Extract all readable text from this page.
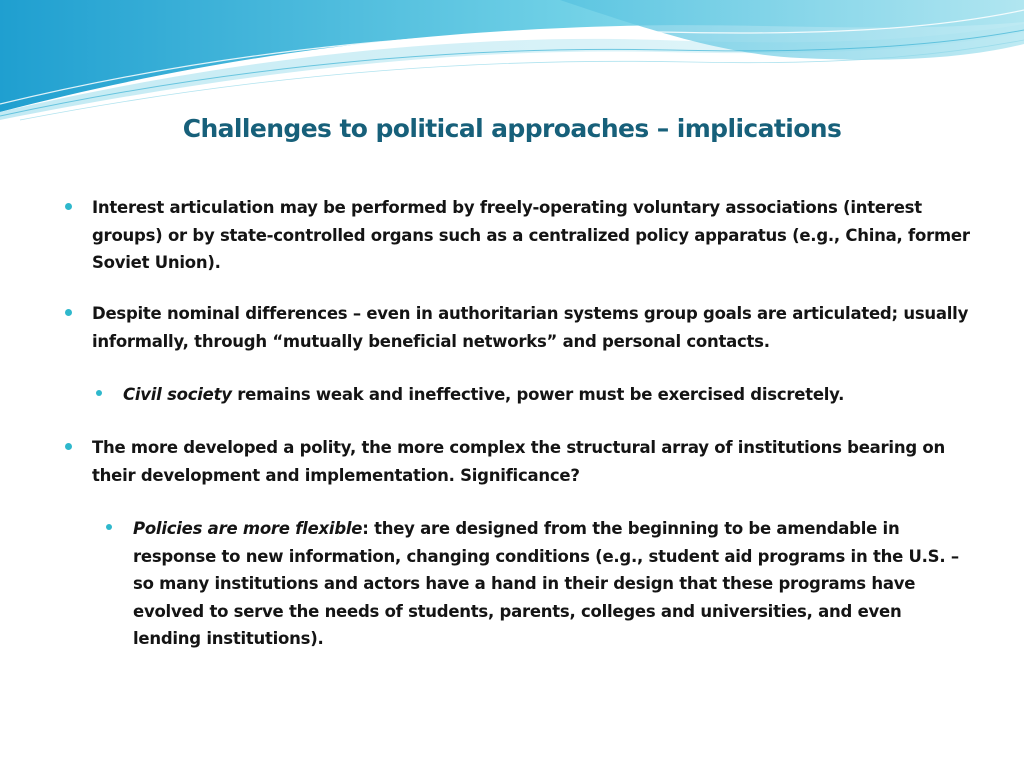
Challenges to political approaches – implications
Interest articulation may be performed by freely-operating voluntary associations (interest groups) or by state-controlled organs such as a centralized policy apparatus (e.g., China, former Soviet Union).
Despite nominal differences – even in authoritarian systems group goals are articulated; usually informally, through “mutually beneficial networks” and personal contacts.
Civil society remains weak and ineffective, power must be exercised discretely.
The more developed a polity, the more complex the structural array of institutions bearing on their development and implementation. Significance?
Policies are more flexible: they are designed from the beginning to be amendable in response to new information, changing conditions (e.g., student aid programs in the U.S. – so many institutions and actors have a hand in their design that these programs have evolved to serve the needs of students, parents, colleges and universities, and even lending institutions).
